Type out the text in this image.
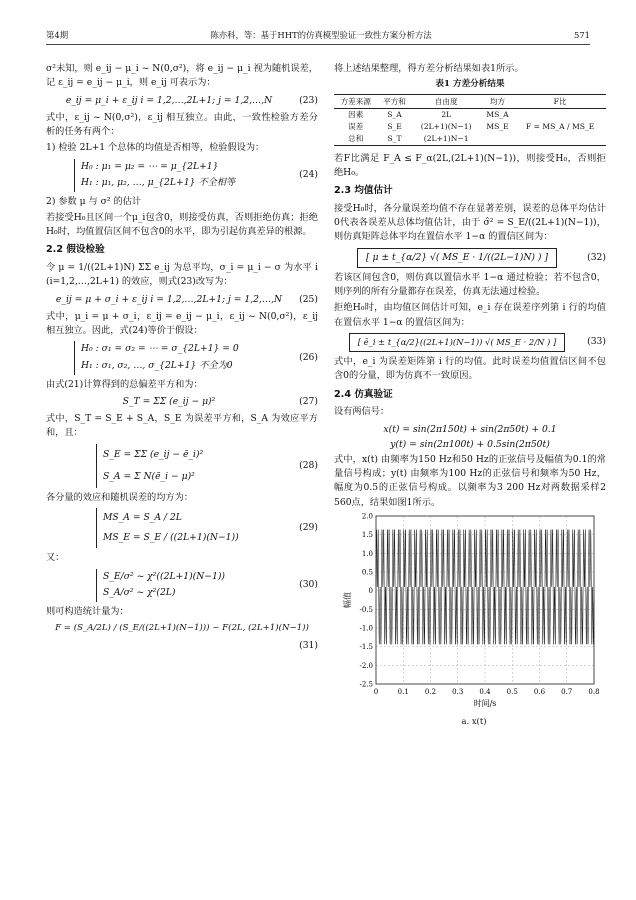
第4期	陈亦科，等：基于HHT的仿真模型验证一致性方案分析方法	571

σ²未知，则 e_ij − μ_i ~ N(0,σ²)，将 e_ij − μ_i 视为随机误差，记 ε_ij = e_ij − μ_i，则 e_ij 可表示为：

e_ij = μ_i + ε_ij i = 1,2,…,2L+1; j = 1,2,…,N	(23)

式中，ε_ij ~ N(0,σ²)，ε_ij 相互独立。由此，一致性检验方差分析的任务有两个：

1) 检验 2L+1 个总体的均值是否相等，检验假设为：

H₀ : μ₁ = μ₂ = ⋯ = μ_{2L+1}
H₁ : μ₁, μ₂, …, μ_{2L+1} 不全相等
(24)

2) 参数 μ 与 σ² 的估计

若接受H₀且区间一个μ_i包含0，则接受仿真，否则拒绝仿真；拒绝H₀时，均值置信区间不包含0的水平，即为引起仿真差异的根源。

2.2 假设检验

令 μ = 1/((2L+1)N) ΣΣ e_ij 为总平均，σ_i = μ_i − σ 为水平 i (i=1,2,…,2L+1) 的效应，则式(23)改写为：

e_ij = μ + σ_i + ε_ij i = 1,2,…,2L+1; j = 1,2,…,N	(25)

式中，μ_i = μ + σ_i，ε_ij = e_ij − μ_i，ε_ij ~ N(0,σ²)，ε_ij 相互独立。因此，式(24)等价于假设：

H₀ : σ₁ = σ₂ = ⋯ = σ_{2L+1} = 0
H₁ : σ₁, σ₂, …, σ_{2L+1} 不全为0
(26)

由式(21)计算得到的总偏差平方和为：

S_T = ΣΣ (e_ij − μ)²	(27)

式中，S_T = S_E + S_A，S_E 为误差平方和，S_A 为效应平方和，且：

S_E = ΣΣ (e_ij − ē_i)²
S_A = Σ N(ē_i − μ)²
(28)

各分量的效应和随机误差的均方为：

MS_A = S_A / 2L
MS_E = S_E / ((2L+1)(N−1))
(29)

又：

S_E/σ² ~ χ²((2L+1)(N−1))
S_A/σ² ~ χ²(2L)
(30)

则可构造统计量为：

F = (S_A/2L) / (S_E/((2L+1)(N−1))) ~ F(2L, (2L+1)(N−1))
(31)

将上述结果整理，得方差分析结果如表1所示。

表1 方差分析结果
方差来源	平方和	自由度	均方	F比
因素	S_A	2L	MS_A	
误差	S_E	(2L+1)(N−1)	MS_E	F = MS_A / MS_E
总和	S_T	(2L+1)N−1		

若F比满足 F_A ≤ F_α(2L,(2L+1)(N−1))，则接受H₀，否则拒绝H₀。

2.3 均值估计

接受H₀时，各分量误差均值不存在显著差别，误差的总体平均估计0代表各误差从总体均值估计，由于 σ̂² = S_E/((2L+1)(N−1))，则仿真矩阵总体平均在置信水平 1−α 的置信区间为：

[ μ ± t_{α/2} √( MS_E · 1/((2L−1)N) ) ]	(32)

若该区间包含0，则仿真以置信水平 1−α 通过检验；若不包含0，则序列的所有分量都存在误差，仿真无法通过检验。

拒绝H₀时，由均值区间估计可知，e_i 存在误差序列第 i 行的均值在置信水平 1−α 的置信区间为：

[ ē_i ± t_{α/2}((2L+1)(N−1)) √( MS_E · 2/N ) ]	(33)

式中，e_i 为误差矩阵第 i 行的均值。此时误差均值置信区间不包含0的分量，即为仿真不一致原因。

2.4 仿真验证

设有两信号：

x(t) = sin(2π150t) + sin(2π50t) + 0.1
y(t) = sin(2π100t) + 0.5sin(2π50t)

式中，x(t) 由频率为150 Hz和50 Hz的正弦信号及幅值为0.1的常量信号构成；y(t) 由频率为100 Hz的正弦信号和频率为50 Hz，幅度为0.5的正弦信号构成。以频率为3 200 Hz对两数据采样2 560点，结果如图1所示。

0	0.1 0.2 0.3 0.4 0.5 0.6 0.7 0.8
-2.5
-2.0
-1.5
-1.0
-0.5
0
0.5
1.0
1.5
2.0
时间/s
幅值
a. x(t)
